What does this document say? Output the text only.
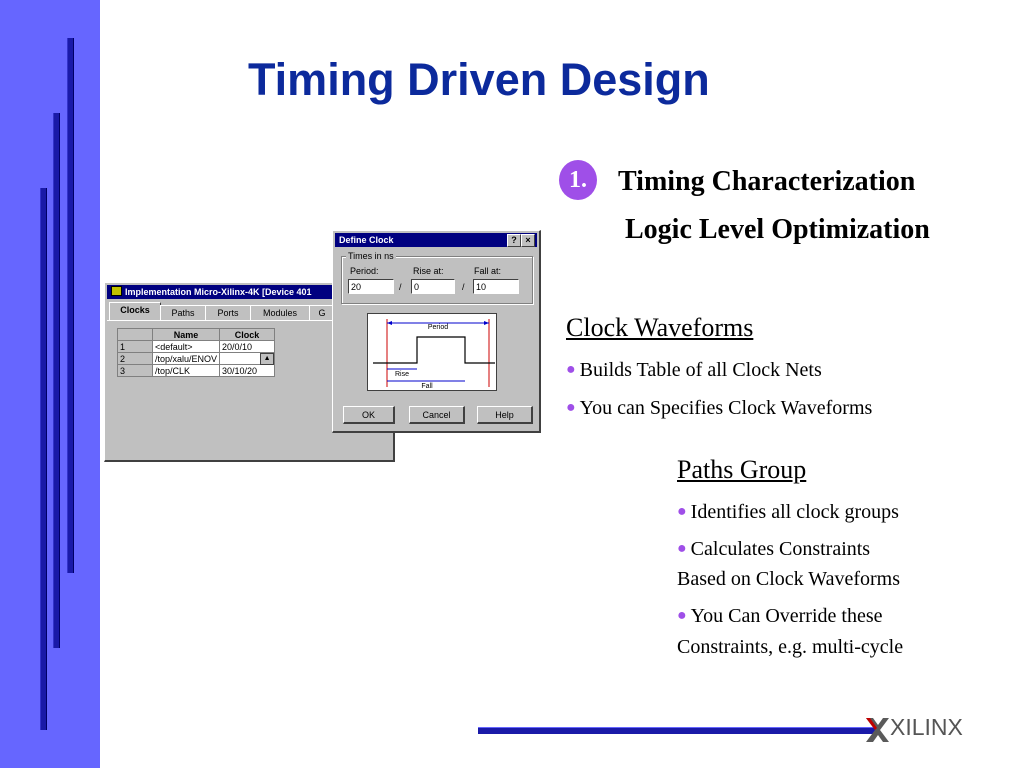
Timing Driven Design
1.	Timing Characterization
Logic Level Optimization
Clock Waveforms
● Builds Table of all Clock Nets
● You can Specifies Clock Waveforms
Paths Group
● Identifies all clock groups
● Calculates Constraints
Based on Clock Waveforms
● You Can Override these
Constraints, e.g. multi-cycle
Implementation Micro-Xilinx-4K [Device 401
Clocks	Paths	Ports	Modules	G
	Name	Clock
1	<default>	20/0/10
2	/top/xalu/ENOV	▲

3	/top/CLK	30/10/20
Define Clock	? ×
Times in ns
Period:	Rise at:	Fall at:
20	/	0	/	10
Period
Rise
Fall
OK	Cancel	Help
XILINX
